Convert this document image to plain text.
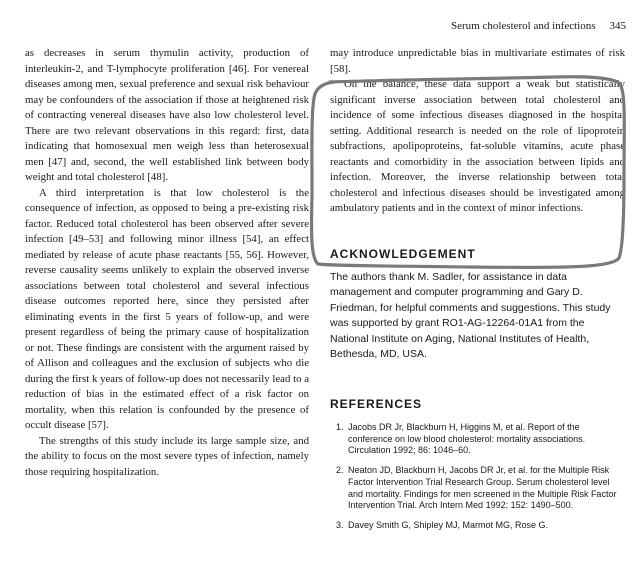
Serum cholesterol and infections 345

as decreases in serum thymulin activity, production of interleukin-2, and T-lymphocyte proliferation [46]. For venereal diseases among men, sexual preference and sexual risk behaviour may be confounders of the association if those at heightened risk of contracting venereal diseases have also low cholesterol level. There are two relevant observations in this regard: first, data indicating that homosexual men weigh less than heterosexual men [47] and, second, the well established link between body weight and total cholesterol [48].

A third interpretation is that low cholesterol is the consequence of infection, as opposed to being a pre-existing risk factor. Reduced total cholesterol has been observed after severe infection [49–53] and following minor illness [54], an effect mediated by release of acute phase reactants [55, 56]. However, reverse causality seems unlikely to explain the observed inverse associations between total cholesterol and several infectious disease outcomes reported here, since they persisted after eliminating events in the first 5 years of follow-up, and were present regardless of being the primary cause of hospitalization or not. These findings are consistent with the argument raised by of Allison and colleagues and the exclusion of subjects who die during the first k years of follow-up does not necessarily lead to a reduction of bias in the estimated effect of a risk factor on mortality, when this relation is confounded by the presence of occult disease [57].

The strengths of this study include its large sample size, and the ability to focus on the most severe types of infection, namely those requiring hospitalization.

may introduce unpredictable bias in multivariate estimates of risk [58].

On the balance, these data support a weak but statistically significant inverse association between total cholesterol and incidence of some infectious diseases diagnosed in the hospital setting. Additional research is needed on the role of lipoprotein subfractions, apolipoproteins, fat-soluble vitamins, acute phase reactants and comorbidity in the association between lipids and infection. Moreover, the inverse relationship between total cholesterol and infectious diseases should be investigated among ambulatory patients and in the context of minor infections.

ACKNOWLEDGEMENT

The authors thank M. Sadler, for assistance in data management and computer programming and Gary D. Friedman, for helpful comments and suggestions. This study was supported by grant RO1-AG-12264-01A1 from the National Institute on Aging, National Institutes of Health, Bethesda, MD, USA.

REFERENCES
1. Jacobs DR Jr, Blackburn H, Higgins M, et al. Report of the conference on low blood cholesterol: mortality associations. Circulation 1992; 86: 1046–60.
2. Neaton JD, Blackburn H, Jacobs DR Jr, et al. for the Multiple Risk Factor Intervention Trial Research Group. Serum cholesterol level and mortality. Findings for men screened in the Multiple Risk Factor Intervention Trial. Arch Intern Med 1992; 152: 1490–500.
3. Davey Smith G, Shipley MJ, Marmot MG, Rose G.
